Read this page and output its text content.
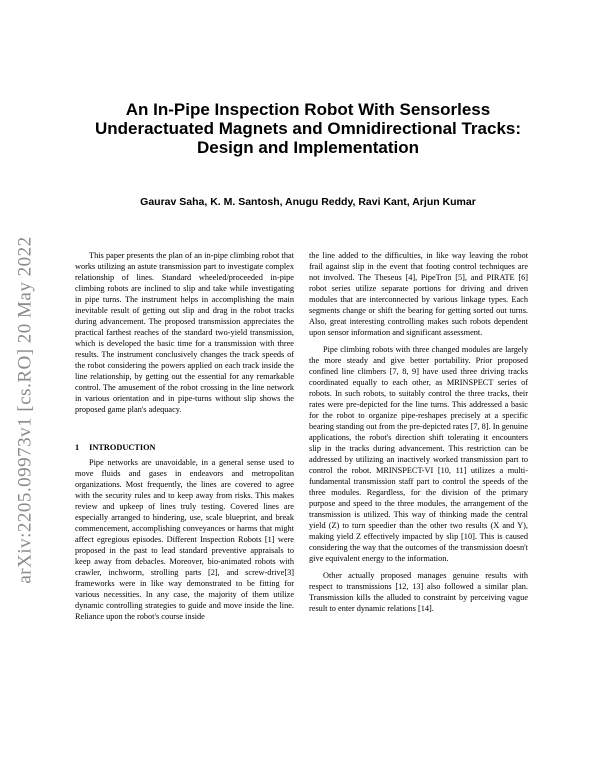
arXiv:2205.09973v1 [cs.RO] 20 May 2022
An In-Pipe Inspection Robot With Sensorless Underactuated Magnets and Omnidirectional Tracks: Design and Implementation

Gaurav Saha, K. M. Santosh, Anugu Reddy, Ravi Kant, Arjun Kumar

This paper presents the plan of an in-pipe climbing robot that works utilizing an astute transmission part to investigate complex relationship of lines. Standard wheeled/proceeded in-pipe climbing robots are inclined to slip and take while investigating in pipe turns. The instrument helps in accomplishing the main inevitable result of getting out slip and drag in the robot tracks during advancement. The proposed transmission appreciates the practical farthest reaches of the standard two-yield transmission, which is developed the basic time for a transmission with three results. The instrument conclusively changes the track speeds of the robot considering the powers applied on each track inside the line relationship, by getting out the essential for any remarkable control. The amusement of the robot crossing in the line network in various orientation and in pipe-turns without slip shows the proposed game plan's adequacy.

1 INTRODUCTION

Pipe networks are unavoidable, in a general sense used to move fluids and gases in endeavors and metropolitan organizations. Most frequently, the lines are covered to agree with the security rules and to keep away from risks. This makes review and upkeep of lines truly testing. Covered lines are especially arranged to hindering, use, scale blueprint, and break commencement, accomplishing conveyances or harms that might affect egregious episodes. Different Inspection Robots [1] were proposed in the past to lead standard preventive appraisals to keep away from debacles. Moreover, bio-animated robots with crawler, inchworm, strolling parts [2], and screw-drive[3] frameworks were in like way demonstrated to be fitting for various necessities. In any case, the majority of them utilize dynamic controlling strategies to guide and move inside the line. Reliance upon the robot's course inside

the line added to the difficulties, in like way leaving the robot frail against slip in the event that footing control techniques are not involved. The Theseus [4], PipeTron [5], and PIRATE [6] robot series utilize separate portions for driving and driven modules that are interconnected by various linkage types. Each segments change or shift the bearing for getting sorted out turns. Also, great interesting controlling makes such robots dependent upon sensor information and significant assessment.

Pipe climbing robots with three changed modules are largely the more steady and give better portability. Prior proposed confined line climbers [7, 8, 9] have used three driving tracks coordinated equally to each other, as MRINSPECT series of robots. In such robots, to suitably control the three tracks, their rates were pre-depicted for the line turns. This addressed a basic for the robot to organize pipe-reshapes precisely at a specific bearing standing out from the pre-depicted rates [7, 8]. In genuine applications, the robot's direction shift tolerating it encounters slip in the tracks during advancement. This restriction can be addressed by utilizing an inactively worked transmission part to control the robot. MRINSPECT-VI [10, 11] utilizes a multi-fundamental transmission staff part to control the speeds of the three modules. Regardless, for the division of the primary purpose and speed to the three modules, the arrangement of the transmission is utilized. This way of thinking made the central yield (Z) to turn speedier than the other two results (X and Y), making yield Z effectively impacted by slip [10]. This is caused considering the way that the outcomes of the transmission doesn't give equivalent energy to the information.

Other actually proposed manages genuine results with respect to transmissions [12, 13] also followed a similar plan. Transmission kills the alluded to constraint by perceiving vague result to enter dynamic relations [14].
